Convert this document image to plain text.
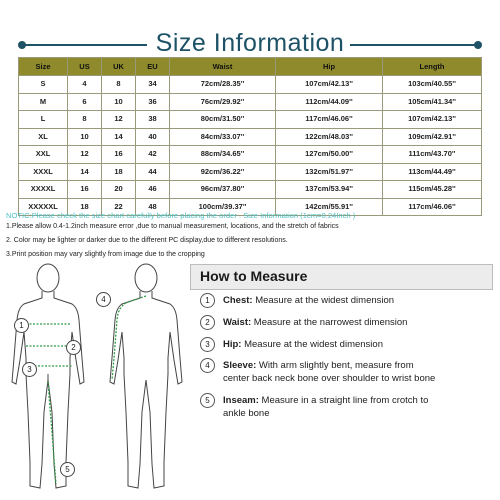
Size Information
Size	US	UK	EU	Waist	Hip	Length
S	4	8	34	72cm/28.35''	107cm/42.13''	103cm/40.55''
M	6	10	36	76cm/29.92''	112cm/44.09''	105cm/41.34''
L	8	12	38	80cm/31.50''	117cm/46.06''	107cm/42.13''
XL	10	14	40	84cm/33.07''	122cm/48.03''	109cm/42.91''
XXL	12	16	42	88cm/34.65''	127cm/50.00''	111cm/43.70''
XXXL	14	18	44	92cm/36.22''	132cm/51.97''	113cm/44.49''
XXXXL	16	20	46	96cm/37.80''	137cm/53.94''	115cm/45.28''
XXXXXL	18	22	48	100cm/39.37''	142cm/55.91''	117cm/46.06''
NOTIC:Please check the size chart carefully before placing the order . Size Information (1cm=0.24Inch )
1.Please allow 0.4-1.2inch measure error ,due to manual measurement, locations, and the stretch of fabrics
2. Color may be lighter or darker due to the different PC display,due to different resolutions.
3.Print position may vary slightly from image due to the cropping
1
2
3
5
4
How to Measure
1 Chest: Measure at the widest dimension
2 Waist: Measure at the narrowest dimension
3 Hip: Measure at the widest dimension
4 Sleeve: With arm slightly bent, measure from
center back neck bone over shoulder to wrist bone
5 Inseam: Measure in a straight line from crotch to
ankle bone
